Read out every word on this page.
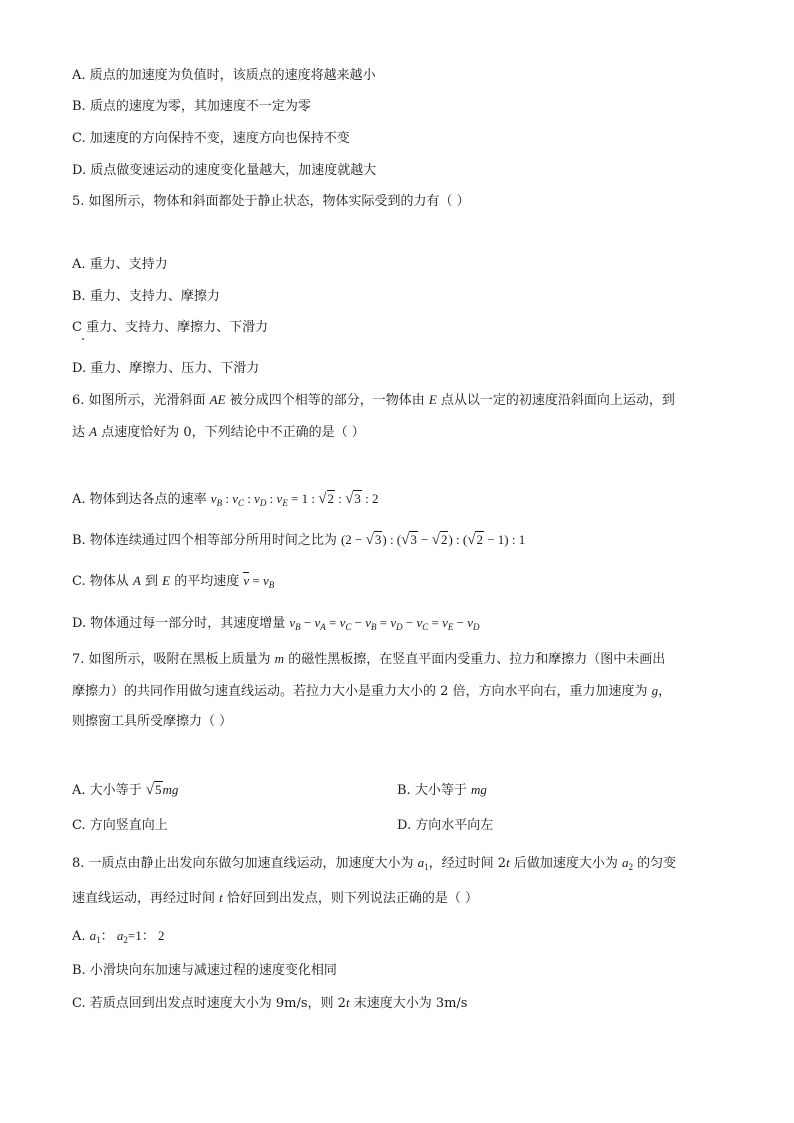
A. 质点的加速度为负值时，该质点的速度将越来越小
B. 质点的速度为零，其加速度不一定为零
C. 加速度的方向保持不变，速度方向也保持不变
D. 质点做变速运动的速度变化量越大，加速度就越大
5. 如图所示，物体和斜面都处于静止状态，物体实际受到的力有（ ）
A. 重力、支持力
B. 重力、支持力、摩擦力
C 重力、支持力、摩擦力、下滑力
D. 重力、摩擦力、压力、下滑力
6. 如图所示，光滑斜面 AE 被分成四个相等的部分，一物体由 E 点从以一定的初速度沿斜面向上运动，到
达 A 点速度恰好为 0，下列结论中不正确的是（ ）
A. 物体到达各点的速率 $v_B$ : $v_C$ : $v_D$ : $v_E = 1$ : √2 : √3 : 2
B. 物体连续通过四个相等部分所用时间之比为 (2 − √3) : (√3 − √2) : (√2 − 1) : 1
C. 物体从 A 到 E 的平均速度 $v = v_B$
D. 物体通过每一部分时，其速度增量 $v_B - v_A = v_C - v_B = v_D - v_C = v_E - v_D$
7. 如图所示，吸附在黑板上质量为 m 的磁性黑板擦，在竖直平面内受重力、拉力和摩擦力（图中未画出
摩擦力）的共同作用做匀速直线运动。若拉力大小是重力大小的 2 倍，方向水平向右，重力加速度为 g，
则擦窗工具所受摩擦力（ ）
A. 大小等于 √5mg	B. 大小等于 mg
C. 方向竖直向上	D. 方向水平向左
8. 一质点由静止出发向东做匀加速直线运动，加速度大小为 $a_1$，经过时间 2t 后做加速度大小为 $a_2$ 的匀变
速直线运动，再经过时间 t 恰好回到出发点，则下列说法正确的是（ ）
A. $a_1$： $a_2=1$： 2
B. 小滑块向东加速与减速过程的速度变化相同
C. 若质点回到出发点时速度大小为 9m/s，则 2t 末速度大小为 3m/s
